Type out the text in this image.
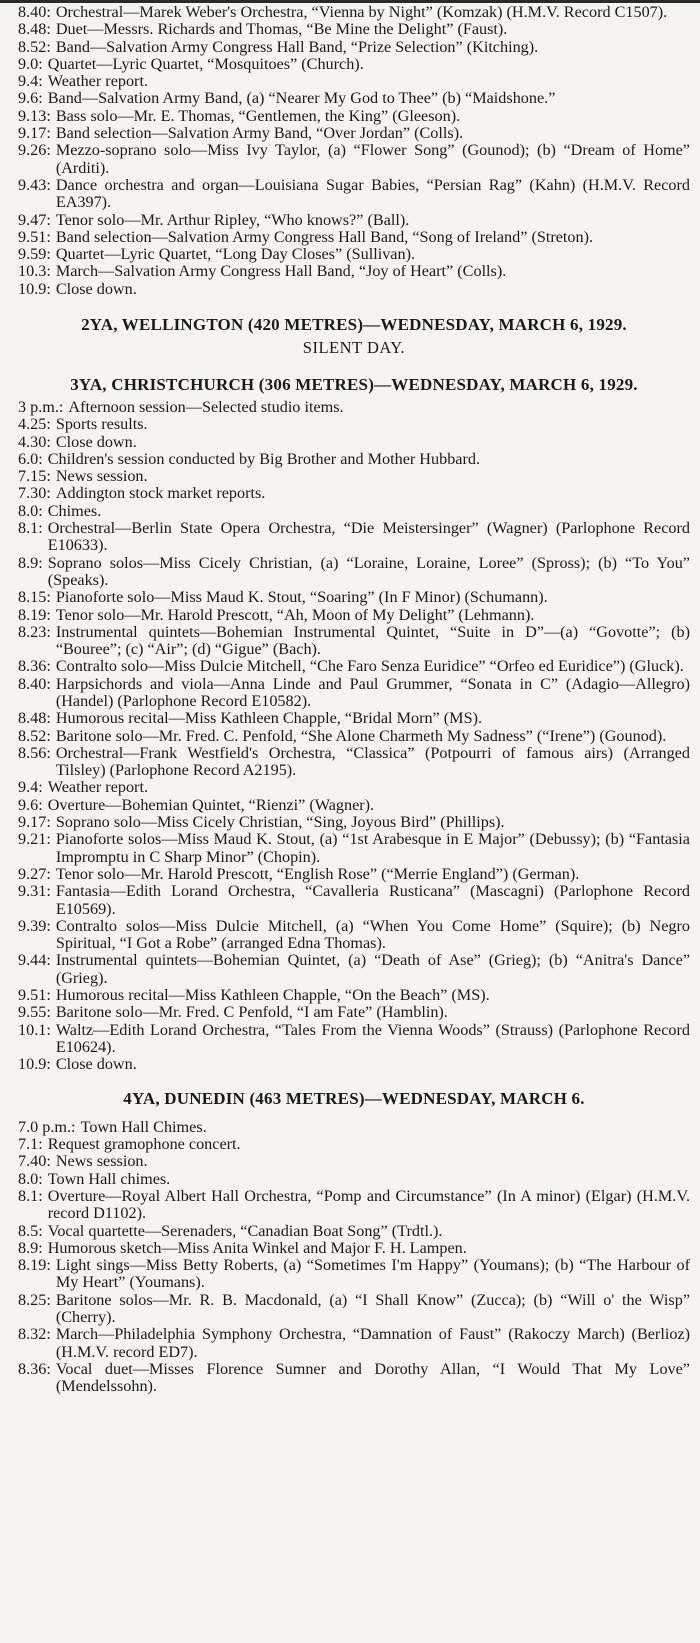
8.40: Orchestral—Marek Weber's Orchestra, “Vienna by Night” (Komzak) (H.M.V. Record C1507).
8.48: Duet—Messrs. Richards and Thomas, “Be Mine the Delight” (Faust).
8.52: Band—Salvation Army Congress Hall Band, “Prize Selection” (Kitching).
9.0: Quartet—Lyric Quartet, “Mosquitoes” (Church).
9.4: Weather report.
9.6: Band—Salvation Army Band, (a) “Nearer My God to Thee” (b) “Maidshone.”
9.13: Bass solo—Mr. E. Thomas, “Gentlemen, the King” (Gleeson).
9.17: Band selection—Salvation Army Band, “Over Jordan” (Colls).
9.26: Mezzo-soprano solo—Miss Ivy Taylor, (a) “Flower Song” (Gounod); (b) “Dream of Home” (Arditi).
9.43: Dance orchestra and organ—Louisiana Sugar Babies, “Persian Rag” (Kahn) (H.M.V. Record EA397).
9.47: Tenor solo—Mr. Arthur Ripley, “Who knows?” (Ball).
9.51: Band selection—Salvation Army Congress Hall Band, “Song of Ireland” (Streton).
9.59: Quartet—Lyric Quartet, “Long Day Closes” (Sullivan).
10.3: March—Salvation Army Congress Hall Band, “Joy of Heart” (Colls).
10.9: Close down.
2YA, WELLINGTON (420 METRES)—WEDNESDAY, MARCH 6, 1929.
SILENT DAY.
3YA, CHRISTCHURCH (306 METRES)—WEDNESDAY, MARCH 6, 1929.
3 p.m.: Afternoon session—Selected studio items.
4.25: Sports results.
4.30: Close down.
6.0: Children's session conducted by Big Brother and Mother Hubbard.
7.15: News session.
7.30: Addington stock market reports.
8.0: Chimes.
8.1: Orchestral—Berlin State Opera Orchestra, “Die Meistersinger” (Wagner) (Parlophone Record E10633).
8.9: Soprano solos—Miss Cicely Christian, (a) “Loraine, Loraine, Loree” (Spross); (b) “To You” (Speaks).
8.15: Pianoforte solo—Miss Maud K. Stout, “Soaring” (In F Minor) (Schumann).
8.19: Tenor solo—Mr. Harold Prescott, “Ah, Moon of My Delight” (Lehmann).
8.23: Instrumental quintets—Bohemian Instrumental Quintet, “Suite in D”—(a) “Govotte”; (b) “Bouree”; (c) “Air”; (d) “Gigue” (Bach).
8.36: Contralto solo—Miss Dulcie Mitchell, “Che Faro Senza Euridice” “Orfeo ed Euridice”) (Gluck).
8.40: Harpsichords and viola—Anna Linde and Paul Grummer, “Sonata in C” (Adagio—Allegro) (Handel) (Parlophone Record E10582).
8.48: Humorous recital—Miss Kathleen Chapple, “Bridal Morn” (MS).
8.52: Baritone solo—Mr. Fred. C. Penfold, “She Alone Charmeth My Sadness” (“Irene”) (Gounod).
8.56: Orchestral—Frank Westfield's Orchestra, “Classica” (Potpourri of famous airs) (Arranged Tilsley) (Parlophone Record A2195).
9.4: Weather report.
9.6: Overture—Bohemian Quintet, “Rienzi” (Wagner).
9.17: Soprano solo—Miss Cicely Christian, “Sing, Joyous Bird” (Phillips).
9.21: Pianoforte solos—Miss Maud K. Stout, (a) “1st Arabesque in E Major” (Debussy); (b) “Fantasia Impromptu in C Sharp Minor” (Chopin).
9.27: Tenor solo—Mr. Harold Prescott, “English Rose” (“Merrie England”) (German).
9.31: Fantasia—Edith Lorand Orchestra, “Cavalleria Rusticana” (Mascagni) (Parlophone Record E10569).
9.39: Contralto solos—Miss Dulcie Mitchell, (a) “When You Come Home” (Squire); (b) Negro Spiritual, “I Got a Robe” (arranged Edna Thomas).
9.44: Instrumental quintets—Bohemian Quintet, (a) “Death of Ase” (Grieg); (b) “Anitra's Dance” (Grieg).
9.51: Humorous recital—Miss Kathleen Chapple, “On the Beach” (MS).
9.55: Baritone solo—Mr. Fred. C Penfold, “I am Fate” (Hamblin).
10.1: Waltz—Edith Lorand Orchestra, “Tales From the Vienna Woods” (Strauss) (Parlophone Record E10624).
10.9: Close down.
4YA, DUNEDIN (463 METRES)—WEDNESDAY, MARCH 6.
7.0 p.m.: Town Hall Chimes.
7.1: Request gramophone concert.
7.40: News session.
8.0: Town Hall chimes.
8.1: Overture—Royal Albert Hall Orchestra, “Pomp and Circumstance” (In A minor) (Elgar) (H.M.V. record D1102).
8.5: Vocal quartette—Serenaders, “Canadian Boat Song” (Trdtl.).
8.9: Humorous sketch—Miss Anita Winkel and Major F. H. Lampen.
8.19: Light sings—Miss Betty Roberts, (a) “Sometimes I'm Happy” (Youmans); (b) “The Harbour of My Heart” (Youmans).
8.25: Baritone solos—Mr. R. B. Macdonald, (a) “I Shall Know” (Zucca); (b) “Will o' the Wisp” (Cherry).
8.32: March—Philadelphia Symphony Orchestra, “Damnation of Faust” (Rakoczy March) (Berlioz) (H.M.V. record ED7).
8.36: Vocal duet—Misses Florence Sumner and Dorothy Allan, “I Would That My Love” (Mendelssohn).
